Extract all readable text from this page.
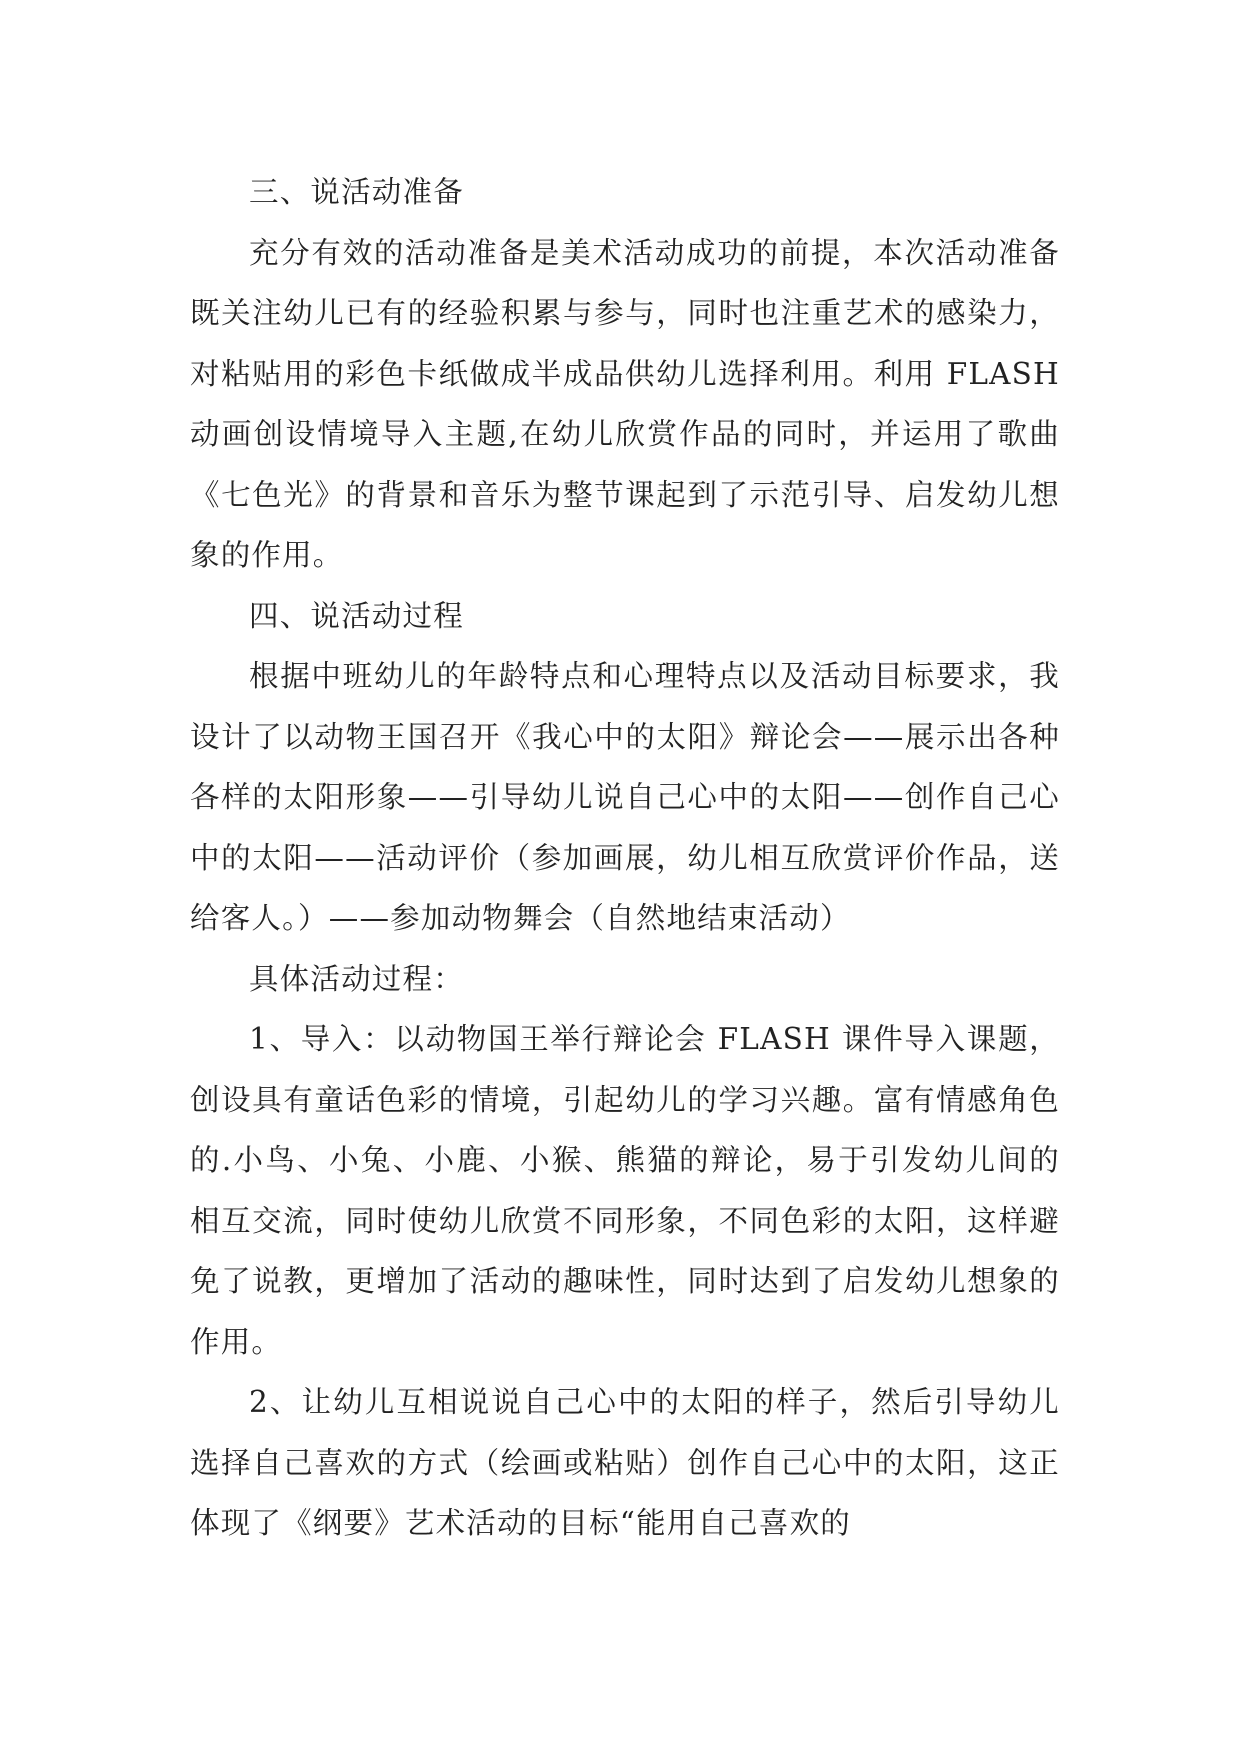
三、说活动准备

充分有效的活动准备是美术活动成功的前提，本次活动准备既关注幼儿已有的经验积累与参与，同时也注重艺术的感染力，对粘贴用的彩色卡纸做成半成品供幼儿选择利用。利用 FLASH 动画创设情境导入主题,在幼儿欣赏作品的同时，并运用了歌曲《七色光》的背景和音乐为整节课起到了示范引导、启发幼儿想象的作用。

四、说活动过程

根据中班幼儿的年龄特点和心理特点以及活动目标要求，我设计了以动物王国召开《我心中的太阳》辩论会——展示出各种各样的太阳形象——引导幼儿说自己心中的太阳——创作自己心中的太阳——活动评价（参加画展，幼儿相互欣赏评价作品，送给客人。）——参加动物舞会（自然地结束活动）

具体活动过程：

1、导入：以动物国王举行辩论会 FLASH 课件导入课题，创设具有童话色彩的情境，引起幼儿的学习兴趣。富有情感角色的.小鸟、小兔、小鹿、小猴、熊猫的辩论，易于引发幼儿间的相互交流，同时使幼儿欣赏不同形象，不同色彩的太阳，这样避免了说教，更增加了活动的趣味性，同时达到了启发幼儿想象的作用。

2、让幼儿互相说说自己心中的太阳的样子，然后引导幼儿选择自己喜欢的方式（绘画或粘贴）创作自己心中的太阳，这正体现了《纲要》艺术活动的目标“能用自己喜欢的
